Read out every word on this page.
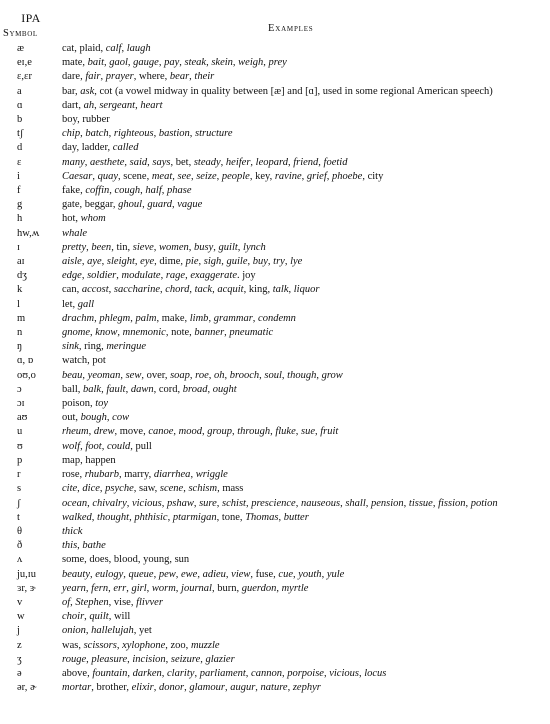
IPA
Symbol	Examples
æ	cat, plaid, calf, laugh
eɪ,e	mate, bait, gaol, gauge, pay, steak, skein, weigh, prey
ɛ,ɛr	dare, fair, prayer, where, bear, their
a	bar, ask, cot (a vowel midway in quality between [æ] and [ɑ], used in some regional American speech)
ɑ	dart, ah, sergeant, heart
b	boy, rubber
tʃ	chip, batch, righteous, bastion, structure
d	day, ladder, called
ɛ	many, aesthete, said, says, bet, steady, heifer, leopard, friend, foetid
i	Caesar, quay, scene, meat, see, seize, people, key, ravine, grief, phoebe, city
f	fake, coffin, cough, half, phase
g	gate, beggar, ghoul, guard, vague
h	hot, whom
hw,ʍ	whale
ɪ	pretty, been, tin, sieve, women, busy, guilt, lynch
aɪ	aisle, aye, sleight, eye, dime, pie, sigh, guile, buy, try, lye
dʒ	edge, soldier, modulate, rage, exaggerate. joy
k	can, accost, saccharine, chord, tack, acquit, king, talk, liquor
l	let, gall
m	drachm, phlegm, palm, make, limb, grammar, condemn
n	gnome, know, mnemonic, note, banner, pneumatic
ŋ	sink, ring, meringue
ɑ, ɒ	watch, pot
oʊ,o	beau, yeoman, sew, over, soap, roe, oh, brooch, soul, though, grow
ɔ	ball, balk, fault, dawn, cord, broad, ought
ɔɪ	poison, toy
aʊ	out, bough, cow
u	rheum, drew, move, canoe, mood, group, through, fluke, sue, fruit
ʊ	wolf, foot, could, pull
p	map, happen
r	rose, rhubarb, marry, diarrhea, wriggle
s	cite, dice, psyche, saw, scene, schism, mass
ʃ	ocean, chivalry, vicious, pshaw, sure, schist, prescience, nauseous, shall, pension, tissue, fission, potion
t	walked, thought, phthisic, ptarmigan, tone, Thomas, butter
θ	thick
ð	this, bathe
ʌ	some, does, blood, young, sun
ju,ɪu	beauty, eulogy, queue, pew, ewe, adieu, view, fuse, cue, youth, yule
ɜr, ɝ	yearn, fern, err, girl, worm, journal, burn, guerdon, myrtle
v	of, Stephen, vise, flivver
w	choir, quilt, will
j	onion, hallelujah, yet
z	was, scissors, xylophone, zoo, muzzle
ʒ	rouge, pleasure, incision, seizure, glazier
ə	above, fountain, darken, clarity, parliament, cannon, porpoise, vicious, locus
ər, ɚ	mortar, brother, elixir, donor, glamour, augur, nature, zephyr
